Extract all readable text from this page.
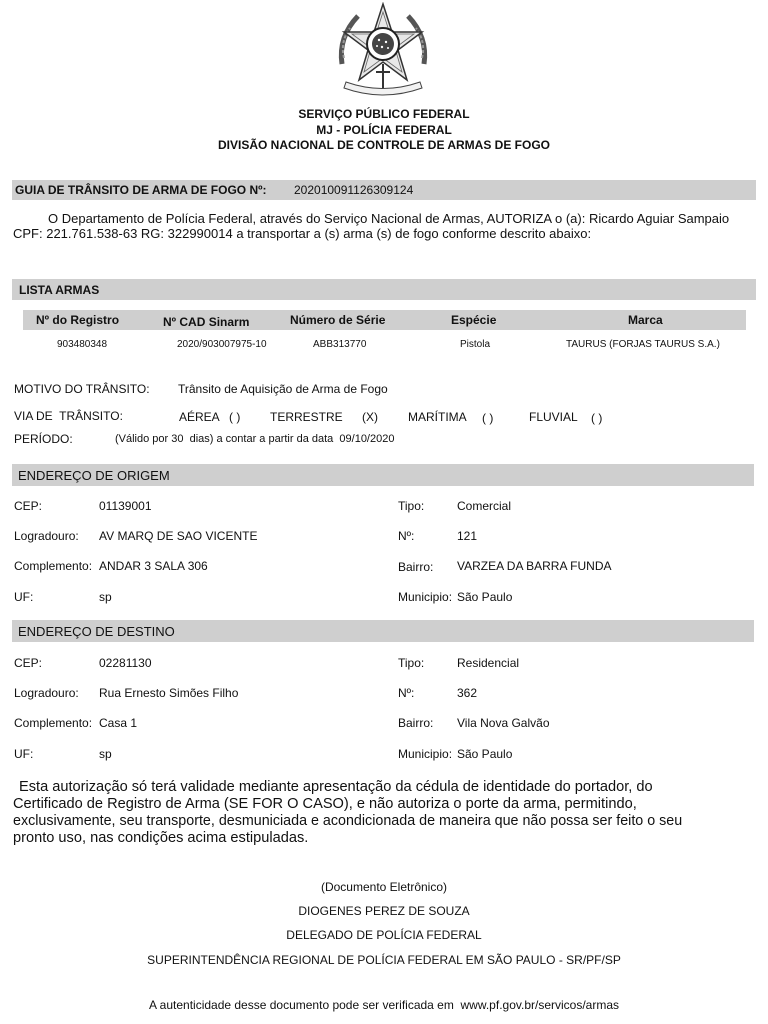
SERVIÇO PÚBLICO FEDERAL
MJ - POLÍCIA FEDERAL
DIVISÃO NACIONAL DE CONTROLE DE ARMAS DE FOGO
GUIA DE TRÂNSITO DE ARMA DE FOGO Nº: 202010091126309124
O Departamento de Polícia Federal, através do Serviço Nacional de Armas, AUTORIZA o (a): Ricardo Aguiar Sampaio
CPF: 221.761.538-63 RG: 322990014 a transportar a (s) arma (s) de fogo conforme descrito abaixo:
LISTA ARMAS
Nº do Registro	Nº CAD Sinarm	Número de Série	Espécie	Marca
903480348	2020/903007975-10	ABB313770	Pistola	TAURUS (FORJAS TAURUS S.A.)
MOTIVO DO TRÂNSITO: Trânsito de Aquisição de Arma de Fogo
VIA DE  TRÂNSITO:	AÉREA   ( ) TERRESTRE (X)	MARÍTIMA ( )	FLUVIAL ( )
PERÍODO:	(Válido por 30  dias) a contar a partir da data  09/10/2020
ENDEREÇO DE ORIGEM
CEP:	01139001	Tipo:	Comercial
Logradouro: AV MARQ DE SAO VICENTE	Nº:	121
Complemento: ANDAR 3 SALA 306	Bairro: VARZEA DA BARRA FUNDA
UF:	sp	Municipio: São Paulo
ENDEREÇO DE DESTINO
CEP:	02281130	Tipo:	Residencial
Logradouro: Rua Ernesto Simões Filho	Nº:	362
Complemento: Casa 1	Bairro: Vila Nova Galvão
UF:	sp	Municipio: São Paulo
Esta autorização só terá validade mediante apresentação da cédula de identidade do portador, do
Certificado de Registro de Arma (SE FOR O CASO), e não autoriza o porte da arma, permitindo,
exclusivamente, seu transporte, desmuniciada e acondicionada de maneira que não possa ser feito o seu
pronto uso, nas condições acima estipuladas.
(Documento Eletrônico)
DIOGENES PEREZ DE SOUZA
DELEGADO DE POLÍCIA FEDERAL
SUPERINTENDÊNCIA REGIONAL DE POLÍCIA FEDERAL EM SÃO PAULO - SR/PF/SP
A autenticidade desse documento pode ser verificada em  www.pf.gov.br/servicos/armas
